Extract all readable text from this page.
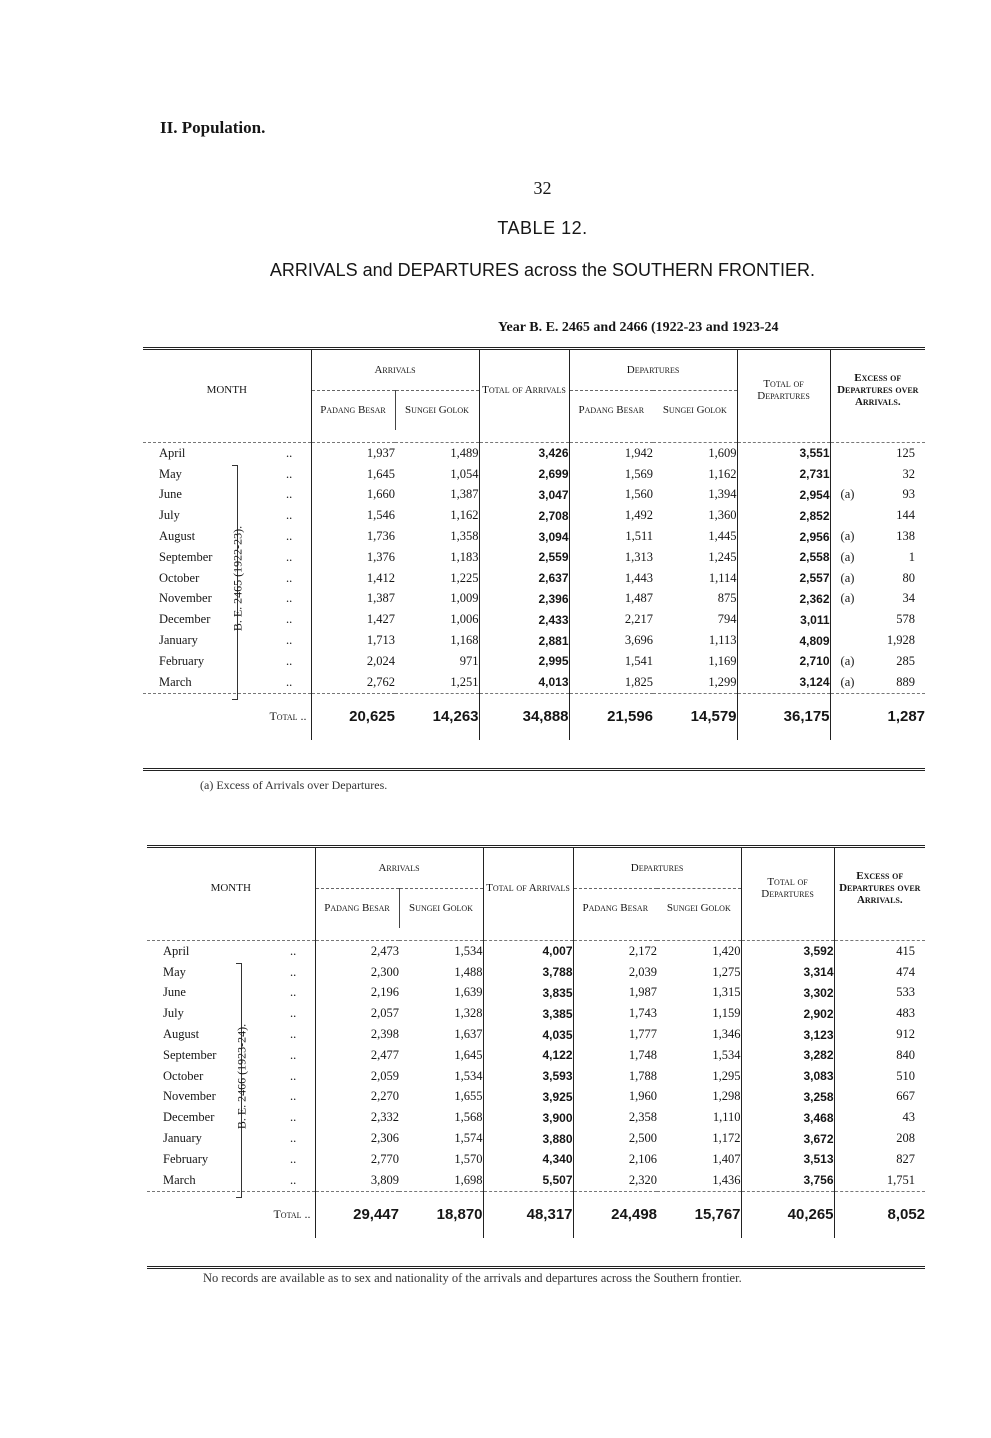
II. Population.
32
TABLE 12.
ARRIVALS and DEPARTURES across the SOUTHERN FRONTIER.
Year B. E. 2465 and 2466 (1922-23 and 1923-24
MONTH	Arrivals		Total of Arrivals	Departures		Total of Departures	Excess of Departures over Arrivals.
	Padang Besar	Sungei Golok		Padang Besar	Sungei Golok		

April ..	1,937	1,489	3,426	1,942	1,609	3,551	125
May ..	1,645	1,054	2,699	1,569	1,162	2,731	32
June ..	1,660	1,387	3,047	1,560	1,394	2,954	(a) 93
July ..	1,546	1,162	2,708	1,492	1,360	2,852	144
August ..	1,736	1,358	3,094	1,511	1,445	2,956	(a) 138
September ..	1,376	1,183	2,559	1,313	1,245	2,558	(a) 1
October ..	1,412	1,225	2,637	1,443	1,114	2,557	(a) 80
November ..	1,387	1,009	2,396	1,487	875	2,362	(a) 34
December ..	1,427	1,006	2,433	2,217	794	3,011	578
January ..	1,713	1,168	2,881	3,696	1,113	4,809	1,928
February ..	2,024	971	2,995	1,541	1,169	2,710	(a) 285
March ..	2,762	1,251	4,013	1,825	1,299	3,124	(a) 889
Total ..	20,625	14,263	34,888	21,596	14,579	36,175	1,287
B. E. 2465 (1922-23).
(a) Excess of Arrivals over Departures.
MONTH	Arrivals		Total of Arrivals	Departures		Total of Departures	Excess of Departures over Arrivals.
	Padang Besar	Sungei Golok		Padang Besar	Sungei Golok		

April ..	2,473	1,534	4,007	2,172	1,420	3,592	415
May ..	2,300	1,488	3,788	2,039	1,275	3,314	474
June ..	2,196	1,639	3,835	1,987	1,315	3,302	533
July ..	2,057	1,328	3,385	1,743	1,159	2,902	483
August ..	2,398	1,637	4,035	1,777	1,346	3,123	912
September ..	2,477	1,645	4,122	1,748	1,534	3,282	840
October ..	2,059	1,534	3,593	1,788	1,295	3,083	510
November ..	2,270	1,655	3,925	1,960	1,298	3,258	667
December ..	2,332	1,568	3,900	2,358	1,110	3,468	43
January ..	2,306	1,574	3,880	2,500	1,172	3,672	208
February ..	2,770	1,570	4,340	2,106	1,407	3,513	827
March ..	3,809	1,698	5,507	2,320	1,436	3,756	1,751
Total ..	29,447	18,870	48,317	24,498	15,767	40,265	8,052
B. E. 2466 (1923-24).
No records are available as to sex and nationality of the arrivals and departures across the Southern frontier.
